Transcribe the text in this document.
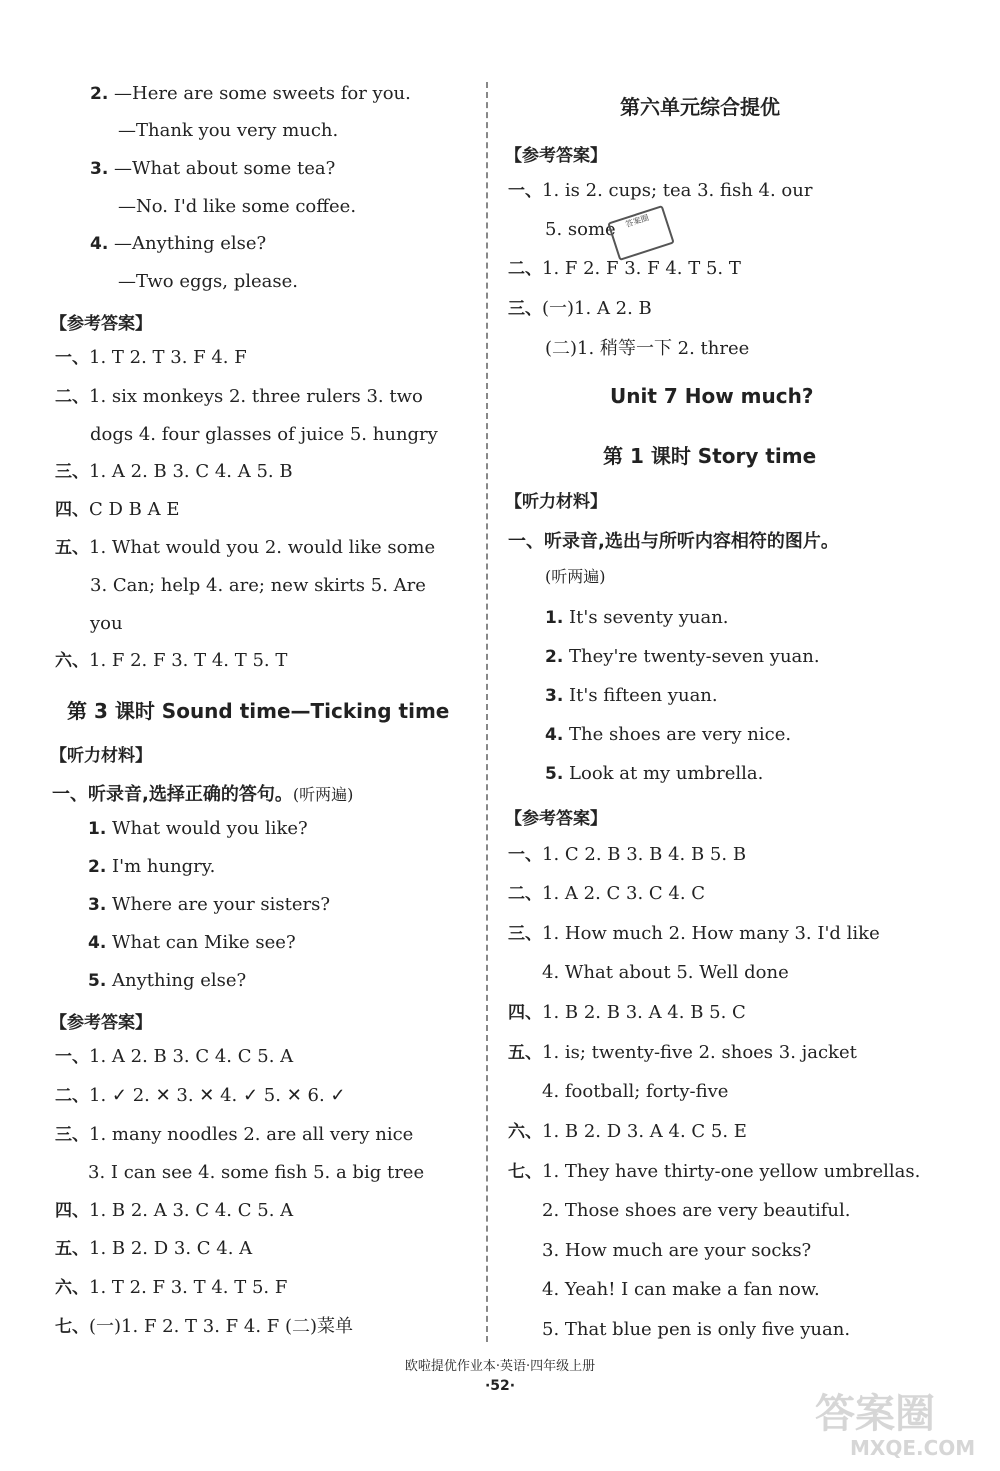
2. —Here are some sweets for you.
—Thank you very much.
3. —What about some tea?
—No. I'd like some coffee.
4. —Anything else?
—Two eggs, please.
【参考答案】
一、1. T 2. T 3. F 4. F
二、1. six monkeys 2. three rulers 3. two
dogs 4. four glasses of juice 5. hungry
三、1. A 2. B 3. C 4. A 5. B
四、C D B A E
五、1. What would you 2. would like some
3. Can; help 4. are; new skirts 5. Are
you
六、1. F 2. F 3. T 4. T 5. T
第 3 课时 Sound time—Ticking time
【听力材料】
一、听录音,选择正确的答句。(听两遍)
1. What would you like?
2. I'm hungry.
3. Where are your sisters?
4. What can Mike see?
5. Anything else?
【参考答案】
一、1. A 2. B 3. C 4. C 5. A
二、1. ✓ 2. ✕ 3. ✕ 4. ✓ 5. ✕ 6. ✓
三、1. many noodles 2. are all very nice
3. I can see 4. some fish 5. a big tree
四、1. B 2. A 3. C 4. C 5. A
五、1. B 2. D 3. C 4. A
六、1. T 2. F 3. T 4. T 5. F
七、(一)1. F 2. T 3. F 4. F (二)菜单
第六单元综合提优
【参考答案】
一、1. is 2. cups; tea 3. fish 4. our
5. some	答案圈
二、1. F 2. F 3. F 4. T 5. T
三、(一)1. A 2. B
(二)1. 稍等一下 2. three
Unit 7 How much?
第 1 课时 Story time
【听力材料】
一、听录音,选出与所听内容相符的图片。
(听两遍)
1. It's seventy yuan.
2. They're twenty-seven yuan.
3. It's fifteen yuan.
4. The shoes are very nice.
5. Look at my umbrella.
【参考答案】
一、1. C 2. B 3. B 4. B 5. B
二、1. A 2. C 3. C 4. C
三、1. How much 2. How many 3. I'd like
4. What about 5. Well done
四、1. B 2. B 3. A 4. B 5. C
五、1. is; twenty-five 2. shoes 3. jacket
4. football; forty-five
六、1. B 2. D 3. A 4. C 5. E
七、1. They have thirty-one yellow umbrellas.
2. Those shoes are very beautiful.
3. How much are your socks?
4. Yeah! I can make a fan now.
5. That blue pen is only five yuan.
欧啦提优作业本·英语·四年级上册
·52·
答案圈
MXQE.COM
